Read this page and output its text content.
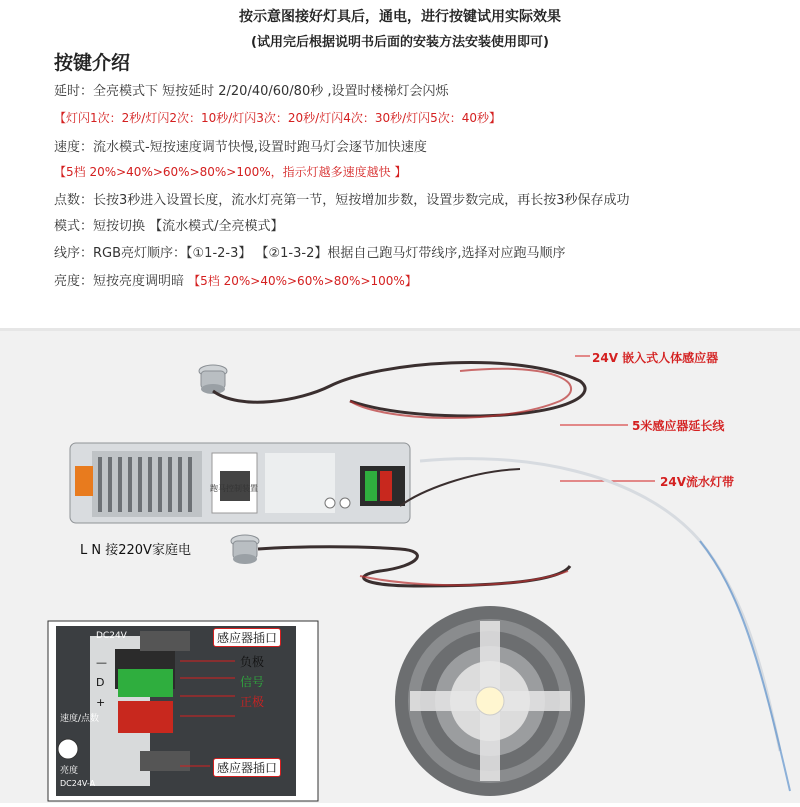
按示意图接好灯具后，通电，进行按键试用实际效果
(试用完后根据说明书后面的安装方法安装使用即可)
按键介绍
延时：全亮模式下 短按延时 2/20/40/60/80秒 ,设置时楼梯灯会闪烁
【灯闪1次：2秒/灯闪2次：10秒/灯闪3次：20秒/灯闪4次：30秒/灯闪5次：40秒】
速度：流水模式-短按速度调节快慢,设置时跑马灯会逐节加快速度
【5档 20%>40%>60%>80%>100%，指示灯越多速度越快 】
点数：长按3秒进入设置长度，流水灯亮第一节，短按增加步数，设置步数完成，再长按3秒保存成功
模式：短按切换 【流水模式/全亮模式】
线序：RGB亮灯顺序：【①1-2-3】 【②1-3-2】根据自己跑马灯带线序,选择对应跑马顺序
亮度：短按亮度调明暗 【5档 20%>40%>60%>80%>100%】
24V 嵌入式人体感应器
5米感应器延长线
24V流水灯带
L N 接220V家庭电
感应器插口
负极
信号
正极
感应器插口
DC24V
D
+
—
速度/点数
亮度
DC24V-A
跑马控制装置
